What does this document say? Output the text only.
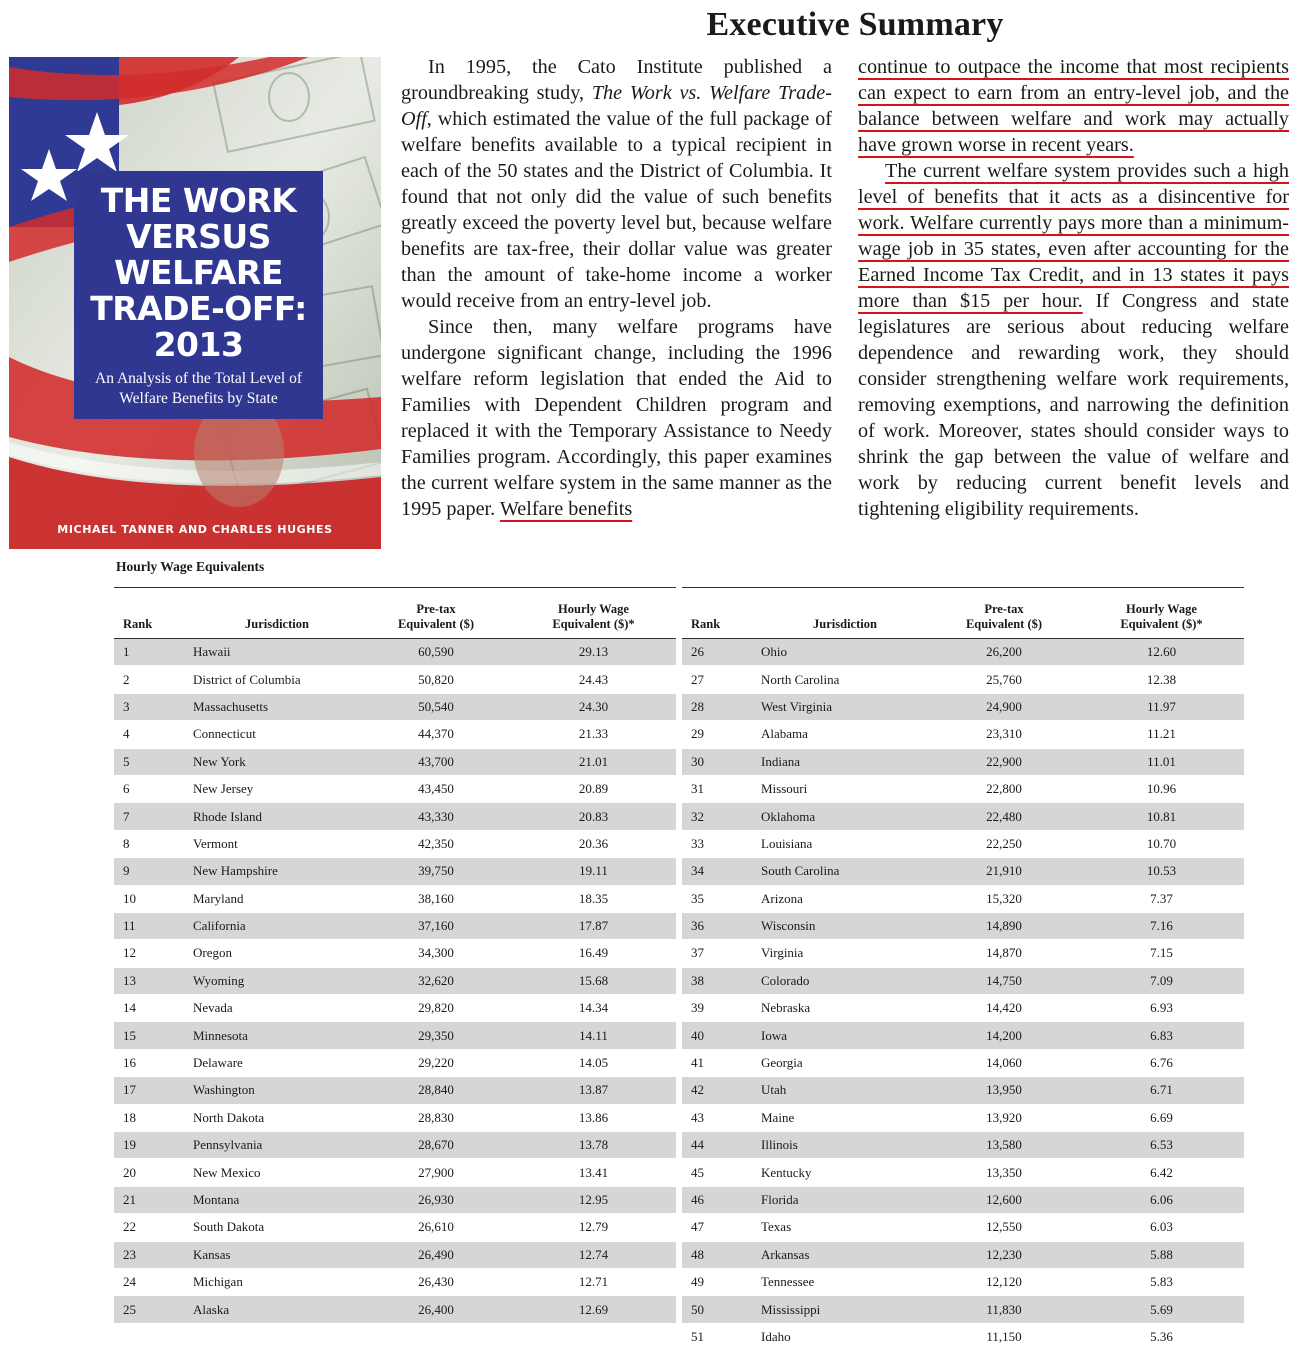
Executive Summary
THE WORK
VERSUS
WELFARE
TRADE-OFF:
2013
An Analysis of the Total Level of Welfare Benefits by State
MICHAEL TANNER AND CHARLES HUGHES

In 1995, the Cato Institute published a groundbreaking study, The Work vs. Welfare Trade-Off, which estimated the value of the full package of welfare benefits available to a typical recipient in each of the 50 states and the District of Columbia. It found that not only did the value of such benefits greatly exceed the poverty level but, because welfare benefits are tax-free, their dollar value was greater than the amount of take-home income a worker would receive from an entry-level job.

Since then, many welfare programs have undergone significant change, including the 1996 welfare reform legislation that ended the Aid to Families with Dependent Children program and replaced it with the Temporary Assistance to Needy Families program. Accordingly, this paper examines the current welfare system in the same manner as the 1995 paper. Welfare benefits

continue to outpace the income that most recipients can expect to earn from an entry-level job, and the balance between welfare and work may actually have grown worse in recent years.

The current welfare system provides such a high level of benefits that it acts as a disincentive for work. Welfare currently pays more than a minimum-wage job in 35 states, even after accounting for the Earned Income Tax Credit, and in 13 states it pays more than $15 per hour. If Congress and state legislatures are serious about reducing welfare dependence and rewarding work, they should consider strengthening welfare work requirements, removing exemptions, and narrowing the definition of work. Moreover, states should consider ways to shrink the gap between the value of welfare and work by reducing current benefit levels and tightening eligibility requirements.

Hourly Wage Equivalents
Rank	Jurisdiction	Pre-tax
Equivalent ($)	Hourly Wage
Equivalent ($)*
1	Hawaii	60,590	29.13
2	District of Columbia	50,820	24.43
3	Massachusetts	50,540	24.30
4	Connecticut	44,370	21.33
5	New York	43,700	21.01
6	New Jersey	43,450	20.89
7	Rhode Island	43,330	20.83
8	Vermont	42,350	20.36
9	New Hampshire	39,750	19.11
10	Maryland	38,160	18.35
11	California	37,160	17.87
12	Oregon	34,300	16.49
13	Wyoming	32,620	15.68
14	Nevada	29,820	14.34
15	Minnesota	29,350	14.11
16	Delaware	29,220	14.05
17	Washington	28,840	13.87
18	North Dakota	28,830	13.86
19	Pennsylvania	28,670	13.78
20	New Mexico	27,900	13.41
21	Montana	26,930	12.95
22	South Dakota	26,610	12.79
23	Kansas	26,490	12.74
24	Michigan	26,430	12.71
25	Alaska	26,400	12.69
Rank	Jurisdiction	Pre-tax
Equivalent ($)	Hourly Wage
Equivalent ($)*
26	Ohio	26,200	12.60
27	North Carolina	25,760	12.38
28	West Virginia	24,900	11.97
29	Alabama	23,310	11.21
30	Indiana	22,900	11.01
31	Missouri	22,800	10.96
32	Oklahoma	22,480	10.81
33	Louisiana	22,250	10.70
34	South Carolina	21,910	10.53
35	Arizona	15,320	7.37
36	Wisconsin	14,890	7.16
37	Virginia	14,870	7.15
38	Colorado	14,750	7.09
39	Nebraska	14,420	6.93
40	Iowa	14,200	6.83
41	Georgia	14,060	6.76
42	Utah	13,950	6.71
43	Maine	13,920	6.69
44	Illinois	13,580	6.53
45	Kentucky	13,350	6.42
46	Florida	12,600	6.06
47	Texas	12,550	6.03
48	Arkansas	12,230	5.88
49	Tennessee	12,120	5.83
50	Mississippi	11,830	5.69
51	Idaho	11,150	5.36
